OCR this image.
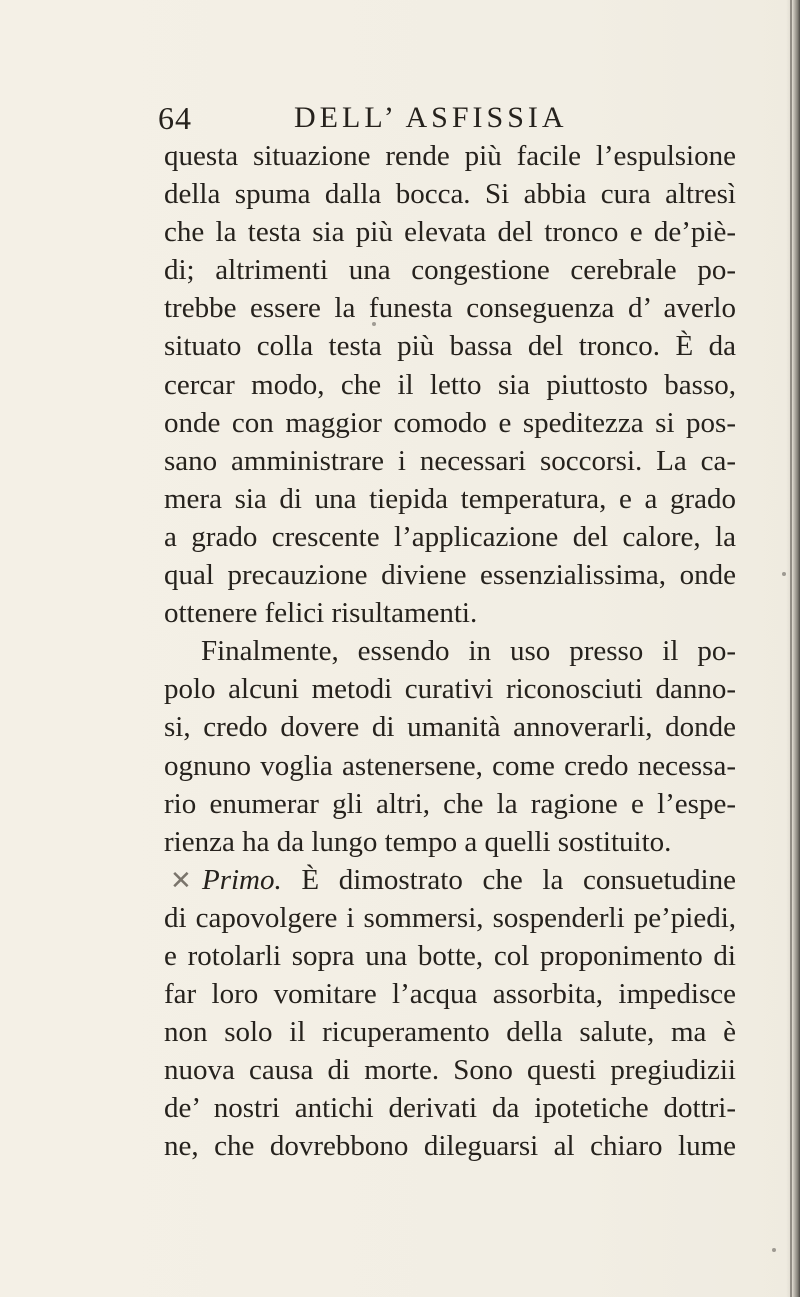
64	DELL’ ASFISSIA
questa situazione rende più facile l’espulsione
della spuma dalla bocca. Si abbia cura altresì
che la testa sia più elevata del tronco e de’piè-
di; altrimenti una congestione cerebrale po-
trebbe essere la funesta conseguenza d’ averlo
situato colla testa più bassa del tronco. È da
cercar modo, che il letto sia piuttosto basso,
onde con maggior comodo e speditezza si pos-
sano amministrare i necessari soccorsi. La ca-
mera sia di una tiepida temperatura, e a grado
a grado crescente l’applicazione del calore, la
qual precauzione diviene essenzialissima, onde
ottenere felici risultamenti.
Finalmente, essendo in uso presso il po-
polo alcuni metodi curativi riconosciuti danno-
si, credo dovere di umanità annoverarli, donde
ognuno voglia astenersene, come credo necessa-
rio enumerar gli altri, che la ragione e l’espe-
rienza ha da lungo tempo a quelli sostituito.
✕ Primo. È dimostrato che la consuetudine
di capovolgere i sommersi, sospenderli pe’piedi,
e rotolarli sopra una botte, col proponimento di
far loro vomitare l’acqua assorbita, impedisce
non solo il ricuperamento della salute, ma è
nuova causa di morte. Sono questi pregiudizii
de’ nostri antichi derivati da ipotetiche dottri-
ne, che dovrebbono dileguarsi al chiaro lume
